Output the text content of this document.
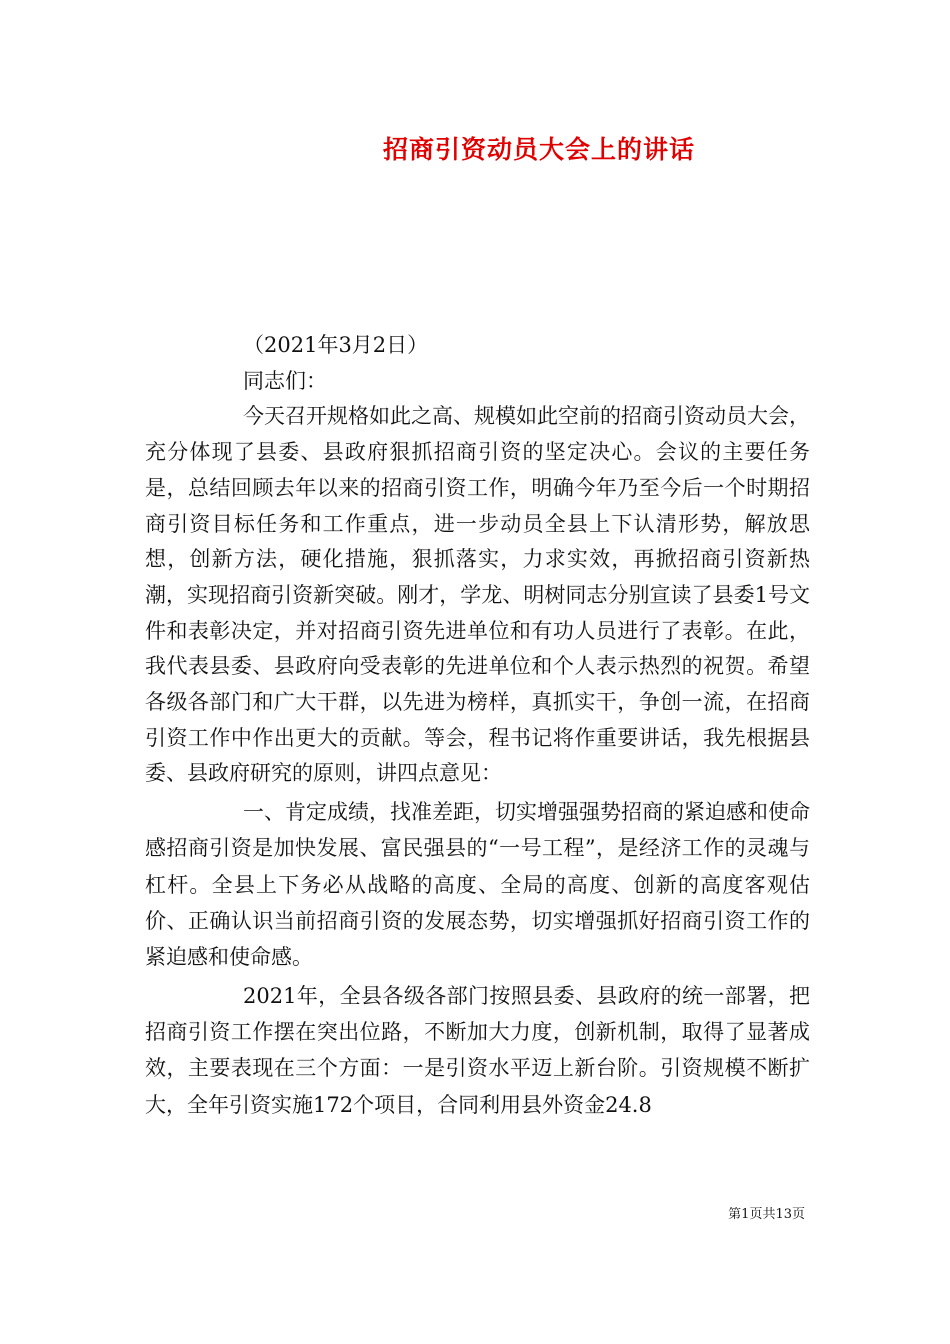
招商引资动员大会上的讲话

（2021年3月2日）

同志们：

今天召开规格如此之高、规模如此空前的招商引资动员大会，充分体现了县委、县政府狠抓招商引资的坚定决心。会议的主要任务是，总结回顾去年以来的招商引资工作，明确今年乃至今后一个时期招商引资目标任务和工作重点，进一步动员全县上下认清形势，解放思想，创新方法，硬化措施，狠抓落实，力求实效，再掀招商引资新热潮，实现招商引资新突破。刚才，学龙、明树同志分别宣读了县委1号文件和表彰决定，并对招商引资先进单位和有功人员进行了表彰。在此，我代表县委、县政府向受表彰的先进单位和个人表示热烈的祝贺。希望各级各部门和广大干群，以先进为榜样，真抓实干，争创一流，在招商引资工作中作出更大的贡献。等会，程书记将作重要讲话，我先根据县委、县政府研究的原则，讲四点意见：

一、肯定成绩，找准差距，切实增强强势招商的紧迫感和使命感招商引资是加快发展、富民强县的“一号工程”，是经济工作的灵魂与杠杆。全县上下务必从战略的高度、全局的高度、创新的高度客观估价、正确认识当前招商引资的发展态势，切实增强抓好招商引资工作的紧迫感和使命感。

2021年，全县各级各部门按照县委、县政府的统一部署，把招商引资工作摆在突出位路，不断加大力度，创新机制，取得了显著成效，主要表现在三个方面：一是引资水平迈上新台阶。引资规模不断扩大，全年引资实施172个项目，合同利用县外资金24.8

第1页共13页
